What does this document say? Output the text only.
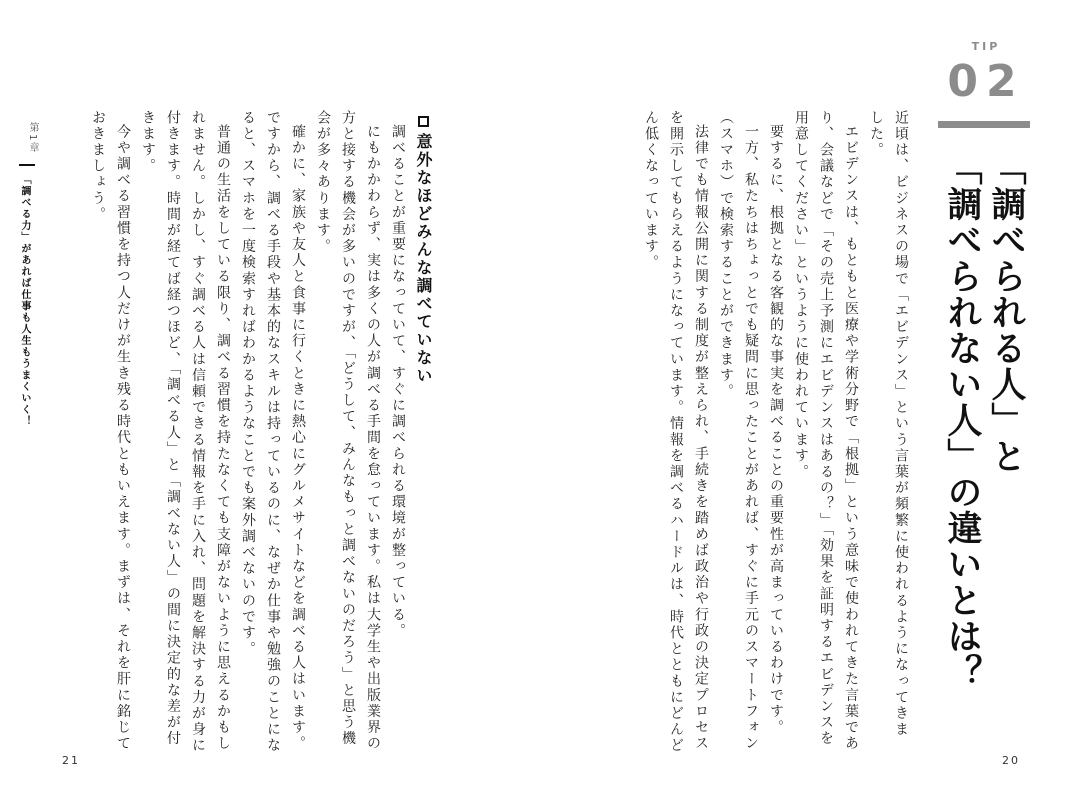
TIP
02
「調べられる人」と
「調べられない人」の違いとは？
近頃は、ビジネスの場で「エビデンス」という言葉が頻繁に使われるようになってきま
した。
エビデンスは、もともと医療や学術分野で「根拠」という意味で使われてきた言葉であ
り、会議などで「その売上予測にエビデンスはあるの？」「効果を証明するエビデンスを
用意してください」というように使われています。
要するに、根拠となる客観的な事実を調べることの重要性が高まっているわけです。
一方、私たちはちょっとでも疑問に思ったことがあれば、すぐに手元のスマートフォン
（スマホ）で検索することができます。
法律でも情報公開に関する制度が整えられ、手続きを踏めば政治や行政の決定プロセス
を開示してもらえるようになっています。情報を調べるハードルは、時代とともにどんど
ん低くなっています。
意外なほどみんな調べていない
調べることが重要になっていて、すぐに調べられる環境が整っている。
にもかかわらず、実は多くの人が調べる手間を怠っています。私は大学生や出版業界の
方と接する機会が多いのですが、「どうして、みんなもっと調べないのだろう」と思う機
会が多々あります。
確かに、家族や友人と食事に行くときに熱心にグルメサイトなどを調べる人はいます。
ですから、調べる手段や基本的なスキルは持っているのに、なぜか仕事や勉強のことにな
ると、スマホを一度検索すればわかるようなことでも案外調べないのです。
普通の生活をしている限り、調べる習慣を持たなくても支障がないように思えるかもし
れません。しかし、すぐ調べる人は信頼できる情報を手に入れ、問題を解決する力が身に
付きます。時間が経てば経つほど、「調べる人」と「調べない人」の間に決定的な差が付
きます。
今や調べる習慣を持つ人だけが生き残る時代ともいえます。まずは、それを肝に銘じて
おきましょう。
第1章
「調べる力」があれば仕事も人生もうまくいく！
21	20
